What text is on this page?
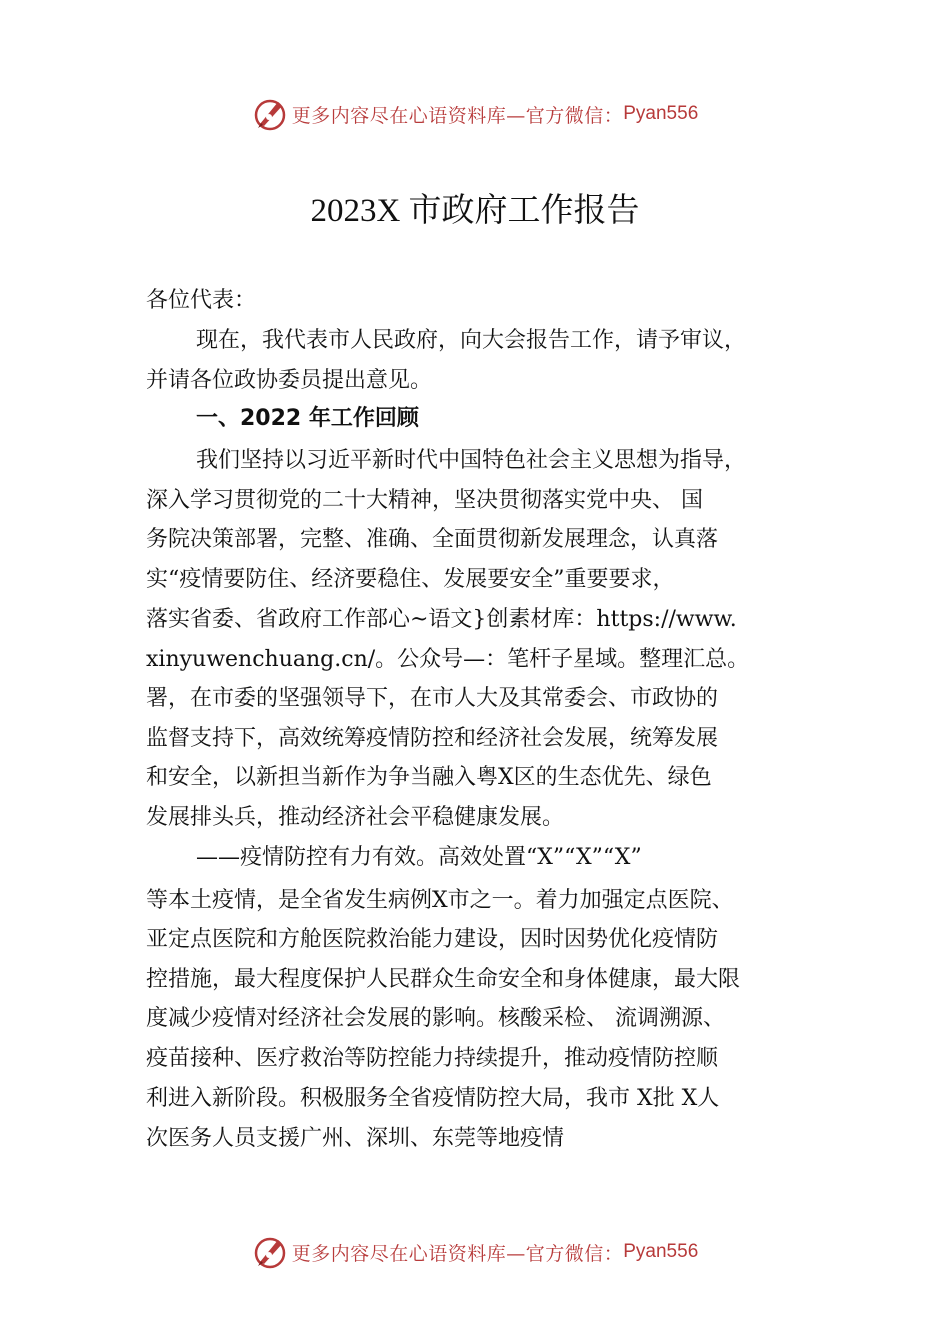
更多内容尽在心语资料库—官方微信： Pyan556
2023X 市政府工作报告
各位代表：
现在，我代表市人民政府，向大会报告工作，请予审议，
并请各位政协委员提出意见。
一、2022 年工作回顾
我们坚持以习近平新时代中国特色社会主义思想为指导，
深入学习贯彻党的二十大精神，坚决贯彻落实党中央、 国
务院决策部署，完整、准确、全面贯彻新发展理念，认真落
实“疫情要防住、经济要稳住、发展要安全”重要要求，
落实省委、省政府工作部心~语文}创素材库：https://www.
xinyuwenchuang.cn/。公众号—：笔杆子星域。整理汇总。
署，在市委的坚强领导下，在市人大及其常委会、市政协的
监督支持下，高效统筹疫情防控和经济社会发展，统筹发展
和安全，以新担当新作为争当融入粤X区的生态优先、绿色
发展排头兵，推动经济社会平稳健康发展。
——疫情防控有力有效。高效处置“X”“X”“X”
等本土疫情，是全省发生病例X市之一。着力加强定点医院、
亚定点医院和方舱医院救治能力建设，因时因势优化疫情防
控措施，最大程度保护人民群众生命安全和身体健康，最大限
度减少疫情对经济社会发展的影响。核酸采检、 流调溯源、
疫苗接种、医疗救治等防控能力持续提升，推动疫情防控顺
利进入新阶段。积极服务全省疫情防控大局，我市 X批 X人
次医务人员支援广州、深圳、东莞等地疫情
更多内容尽在心语资料库—官方微信： Pyan556
